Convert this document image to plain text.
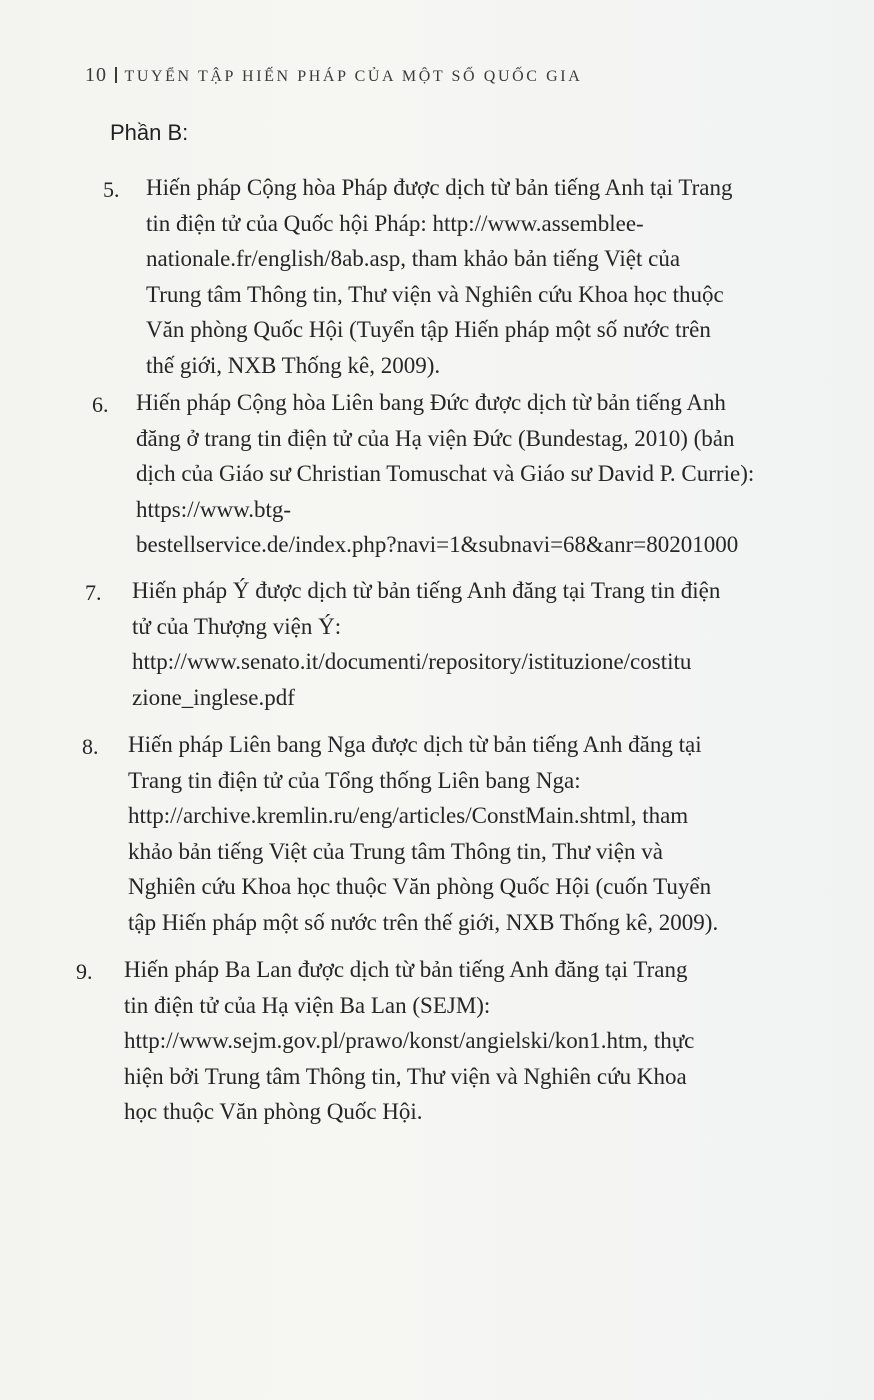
10 TUYỂN TẬP HIẾN PHÁP CỦA MỘT SỐ QUỐC GIA
Phần B:
5. Hiến pháp Cộng hòa Pháp được dịch từ bản tiếng Anh tại Trang
tin điện tử của Quốc hội Pháp: http://www.assemblee-
nationale.fr/english/8ab.asp, tham khảo bản tiếng Việt của
Trung tâm Thông tin, Thư viện và Nghiên cứu Khoa học thuộc
Văn phòng Quốc Hội (Tuyển tập Hiến pháp một số nước trên
thế giới, NXB Thống kê, 2009).
6. Hiến pháp Cộng hòa Liên bang Đức được dịch từ bản tiếng Anh
đăng ở trang tin điện tử của Hạ viện Đức (Bundestag, 2010) (bản
dịch của Giáo sư Christian Tomuschat và Giáo sư David P. Currie):
https://www.btg-
bestellservice.de/index.php?navi=1&subnavi=68&anr=80201000
7. Hiến pháp Ý được dịch từ bản tiếng Anh đăng tại Trang tin điện
tử của Thượng viện Ý:
http://www.senato.it/documenti/repository/istituzione/costitu
zione_inglese.pdf
8. Hiến pháp Liên bang Nga được dịch từ bản tiếng Anh đăng tại
Trang tin điện tử của Tổng thống Liên bang Nga:
http://archive.kremlin.ru/eng/articles/ConstMain.shtml, tham
khảo bản tiếng Việt của Trung tâm Thông tin, Thư viện và
Nghiên cứu Khoa học thuộc Văn phòng Quốc Hội (cuốn Tuyển
tập Hiến pháp một số nước trên thế giới, NXB Thống kê, 2009).
9. Hiến pháp Ba Lan được dịch từ bản tiếng Anh đăng tại Trang
tin điện tử của Hạ viện Ba Lan (SEJM):
http://www.sejm.gov.pl/prawo/konst/angielski/kon1.htm, thực
hiện bởi Trung tâm Thông tin, Thư viện và Nghiên cứu Khoa
học thuộc Văn phòng Quốc Hội.
